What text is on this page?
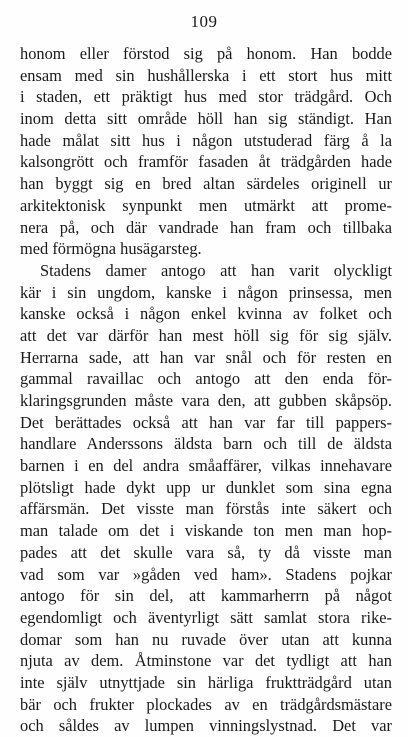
109
honom eller förstod sig på honom. Han bodde
ensam med sin hushållerska i ett stort hus mitt
i staden, ett präktigt hus med stor trädgård. Och
inom detta sitt område höll han sig ständigt. Han
hade målat sitt hus i någon utstuderad färg å la
kalsongrött och framför fasaden åt trädgården hade
han byggt sig en bred altan särdeles originell ur
arkitektonisk synpunkt men utmärkt att prome-
nera på, och där vandrade han fram och tillbaka
med förmögna husägarsteg.
Stadens damer antogo att han varit olyckligt
kär i sin ungdom, kanske i någon prinsessa, men
kanske också i någon enkel kvinna av folket och
att det var därför han mest höll sig för sig själv.
Herrarna sade, att han var snål och för resten en
gammal ravaillac och antogo att den enda för-
klaringsgrunden måste vara den, att gubben skåpsöp.
Det berättades också att han var far till pappers-
handlare Anderssons äldsta barn och till de äldsta
barnen i en del andra småaffärer, vilkas innehavare
plötsligt hade dykt upp ur dunklet som sina egna
affärsmän. Det visste man förstås inte säkert och
man talade om det i viskande ton men man hop-
pades att det skulle vara så, ty då visste man
vad som var »gåden ved ham». Stadens pojkar
antogo för sin del, att kammarherrn på något
egendomligt och äventyrligt sätt samlat stora rike-
domar som han nu ruvade över utan att kunna
njuta av dem. Åtminstone var det tydligt att han
inte själv utnyttjade sin härliga fruktträdgård utan
bär och frukter plockades av en trädgårdsmästare
och såldes av lumpen vinningslystnad. Det var
